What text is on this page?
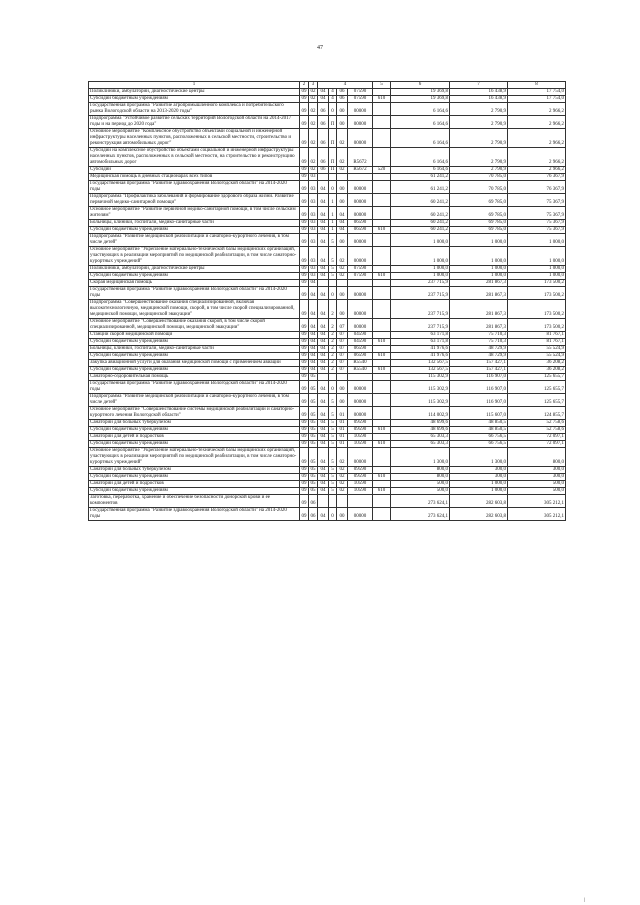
47
1	2	3	4				5	6	7	8
Поликлиники, амбулатории, диагностические центры	09	02	04	4	06	07590		19 369,8	16 438,9	17 754,0
Субсидии бюджетным учреждениям	09	02	04	4	06	07590	610	19 369,8	16 438,9	17 754,0
Государственная программа "Развитие агропромышленного комплекса и потребительского рынка Вологодской области на 2013-2020 годы"	09	02	06	0	00	00000		6 164,6	2 790,9	2 966,2
Подпрограмма "Устойчивое развитие сельских территорий Вологодской области на 2014-2017 годы и на период до 2020 года"	09	02	06	П	00	00000		6 164,6	2 790,9	2 966,2
Основное мероприятие "Комплексное обустройство объектами социальной и инженерной инфраструктуры населенных пунктов, расположенных в сельской местности, строительство и реконструкция автомобильных дорог"	09	02	06	П	02	00000		6 164,6	2 790,9	2 966,2
Субсидии на комплексное обустройство объектами социальной и инженерной инфраструктуры населенных пунктов, расположенных в сельской местности, на строительство и реконструкцию автомобильных дорог	09	02	06	П	02	R5672		6 164,6	2 790,9	2 966,2
Субсидии	09	02	06	П	02	R5672	520	6 164,6	2 790,9	2 966,2
Медицинская помощь в дневных стационарах всех типов	09	03						61 241,2	70 785,0	76 367,9
Государственная программа "Развитие здравоохранения Вологодской области" на 2014-2020 годы	09	03	04	0	00	00000		61 241,2	70 785,0	76 367,9
Подпрограмма "Профилактика заболеваний и формирование здорового образа жизни. Развитие первичной медико-санитарной помощи"	09	03	04	1	00	00000		60 241,2	69 785,0	75 367,9
Основное мероприятие "Развитие первичной медико-санитарной помощи, в том числе сельским жителям"	09	03	04	1	04	00000		60 241,2	69 785,0	75 367,9
Больницы, клиники, госпитали, медико-санитарные части	09	03	04	1	04	06590		60 241,2	69 785,0	75 367,9
Субсидии бюджетным учреждениям	09	03	04	1	04	06590	610	60 241,2	69 785,0	75 367,9
Подпрограмма "Развитие медицинской реабилитации и санаторно-курортного лечения, в том числе детей"	09	03	04	5	00	00000		1 000,0	1 000,0	1 000,0
Основное мероприятие "Укрепление материально-технической базы медицинских организаций, участвующих в реализации мероприятий по медицинской реабилитации, в том числе санаторно-курортных учреждений"	09	03	04	5	02	00000		1 000,0	1 000,0	1 000,0
Поликлиники, амбулатории, диагностические центры	09	03	04	5	02	07590		1 000,0	1 000,0	1 000,0
Субсидии бюджетным учреждениям	09	03	04	5	02	07590	610	1 000,0	1 000,0	1 000,0
Скорая медицинская помощь	09	04						237 715,9	281 867,3	173 500,2
Государственная программа "Развитие здравоохранения Вологодской области" на 2014-2020 годы	09	04	04	0	00	00000		237 715,9	281 867,3	173 500,2
Подпрограмма "Совершенствование оказания специализированной, включая высокотехнологичную, медицинской помощи, скорой, в том числе скорой специализированной, медицинской помощи, медицинской эвакуации"	09	04	04	2	00	00000		237 715,9	281 867,3	173 500,2
Основное мероприятие "Совершенствование оказания скорой, в том числе скорой специализированной, медицинской помощи, медицинской эвакуации"	09	04	04	2	07	00000		237 715,9	281 867,3	173 500,2
Станции скорой медицинской помощи	09	04	04	2	07	04590		63 171,8	75 710,3	81 767,1
Субсидии бюджетным учреждениям	09	04	04	2	07	04590	610	63 171,8	75 710,3	81 767,1
Больницы, клиники, госпитали, медико-санитарные части	09	04	04	2	07	06590		41 976,6	48 729,9	55 524,9
Субсидии бюджетным учреждениям	09	04	04	2	07	06590	610	41 976,6	48 729,9	55 524,9
Закупка авиационной услуги для оказания медицинской помощи с применением авиации	09	04	04	2	07	R5540		132 567,5	157 427,1	36 208,2
Субсидии бюджетным учреждениям	09	04	04	2	07	R5540	610	132 567,5	157 427,1	36 208,2
Санаторно-оздоровительная помощь	09	05						115 302,9	116 907,0	125 655,7
Государственная программа "Развитие здравоохранения Вологодской области" на 2014-2020 годы	09	05	04	0	00	00000		115 302,9	116 907,0	125 655,7
Подпрограмма "Развитие медицинской реабилитации и санаторно-курортного лечения, в том числе детей"	09	05	04	5	00	00000		115 302,9	116 907,0	125 655,7
Основное мероприятие "Совершенствование системы медицинской реабилитации и санаторно-курортного лечения Вологодской области"	09	05	04	5	01	00000		114 002,9	115 607,0	124 855,7
Санатории для больных туберкулезом	09	05	04	5	01	09590		48 699,6	48 850,5	52 758,6
Субсидии бюджетным учреждениям	09	05	04	5	01	09590	610	48 699,6	48 850,5	52 758,6
Санатории для детей и подростков	09	05	04	5	01	10590		65 303,3	66 756,5	72 097,1
Субсидии бюджетным учреждениям	09	05	04	5	01	10590	610	65 303,3	66 756,5	72 097,1
Основное мероприятие "Укрепление материально-технической базы медицинских организаций, участвующих в реализации мероприятий по медицинской реабилитации, в том числе санаторно-курортных учреждений"	09	05	04	5	02	00000		1 300,0	1 300,0	800,0
Санатории для больных туберкулезом	09	05	04	5	02	09590		800,0	300,0	300,0
Субсидии бюджетным учреждениям	09	05	04	5	02	09590	610	800,0	300,0	300,0
Санатории для детей и подростков	09	05	04	5	02	10590		500,0	1 000,0	500,0
Субсидии бюджетным учреждениям	09	05	04	5	02	10590	610	500,0	1 000,0	500,0
Заготовка, переработка, хранение и обеспечение безопасности донорской крови и ее компонентов	09	06						273 624,1	282 603,8	305 212,1
Государственная программа "Развитие здравоохранения Вологодской области" на 2014-2020 годы	09	06	04	0	00	00000		273 624,1	282 603,8	305 212,1
|
